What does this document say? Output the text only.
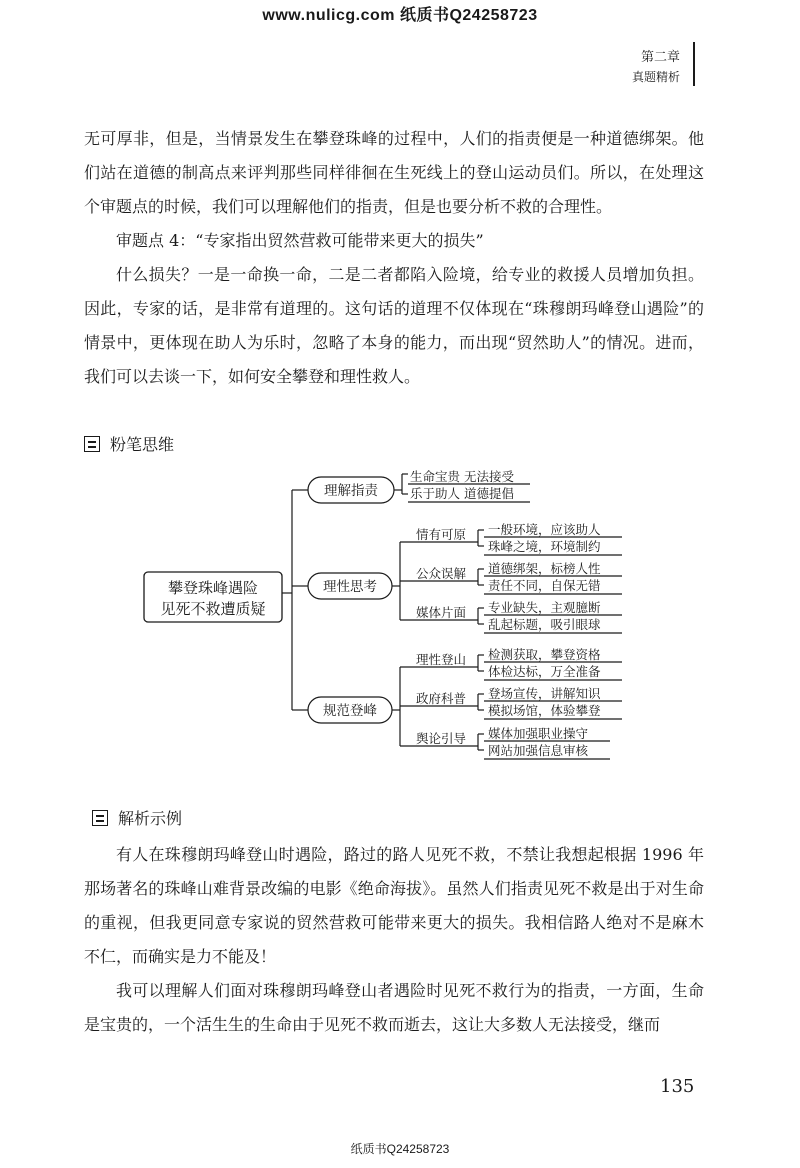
www.nulicg.com 纸质书Q24258723
第二章
真题精析

无可厚非，但是，当情景发生在攀登珠峰的过程中，人们的指责便是一种道德绑架。他们站在道德的制高点来评判那些同样徘徊在生死线上的登山运动员们。所以，在处理这个审题点的时候，我们可以理解他们的指责，但是也要分析不救的合理性。

审题点 4：“专家指出贸然营救可能带来更大的损失”

什么损失？一是一命换一命，二是二者都陷入险境，给专业的救援人员增加负担。因此，专家的话，是非常有道理的。这句话的道理不仅体现在“珠穆朗玛峰登山遇险”的情景中，更体现在助人为乐时，忽略了本身的能力，而出现“贸然助人”的情况。进而，我们可以去谈一下，如何安全攀登和理性救人。

粉笔思维
攀登珠峰遇险
见死不救遭质疑
理解指责
理性思考
规范登峰
生命宝贵 无法接受
乐于助人 道德提倡
情有可原
公众误解
媒体片面
一般环境，应该助人
珠峰之境，环境制约
道德绑架，标榜人性
责任不同，自保无错
专业缺失，主观臆断
乱起标题，吸引眼球
理性登山
政府科普
舆论引导
检测获取，攀登资格
体检达标，万全准备
登场宣传，讲解知识
模拟场馆，体验攀登
媒体加强职业操守
网站加强信息审核
解析示例

有人在珠穆朗玛峰登山时遇险，路过的路人见死不救，不禁让我想起根据 1996 年那场著名的珠峰山难背景改编的电影《绝命海拔》。虽然人们指责见死不救是出于对生命的重视，但我更同意专家说的贸然营救可能带来更大的损失。我相信路人绝对不是麻木不仁，而确实是力不能及！

我可以理解人们面对珠穆朗玛峰登山者遇险时见死不救行为的指责，一方面，生命是宝贵的，一个活生生的生命由于见死不救而逝去，这让大多数人无法接受，继而

135
纸质书Q24258723
